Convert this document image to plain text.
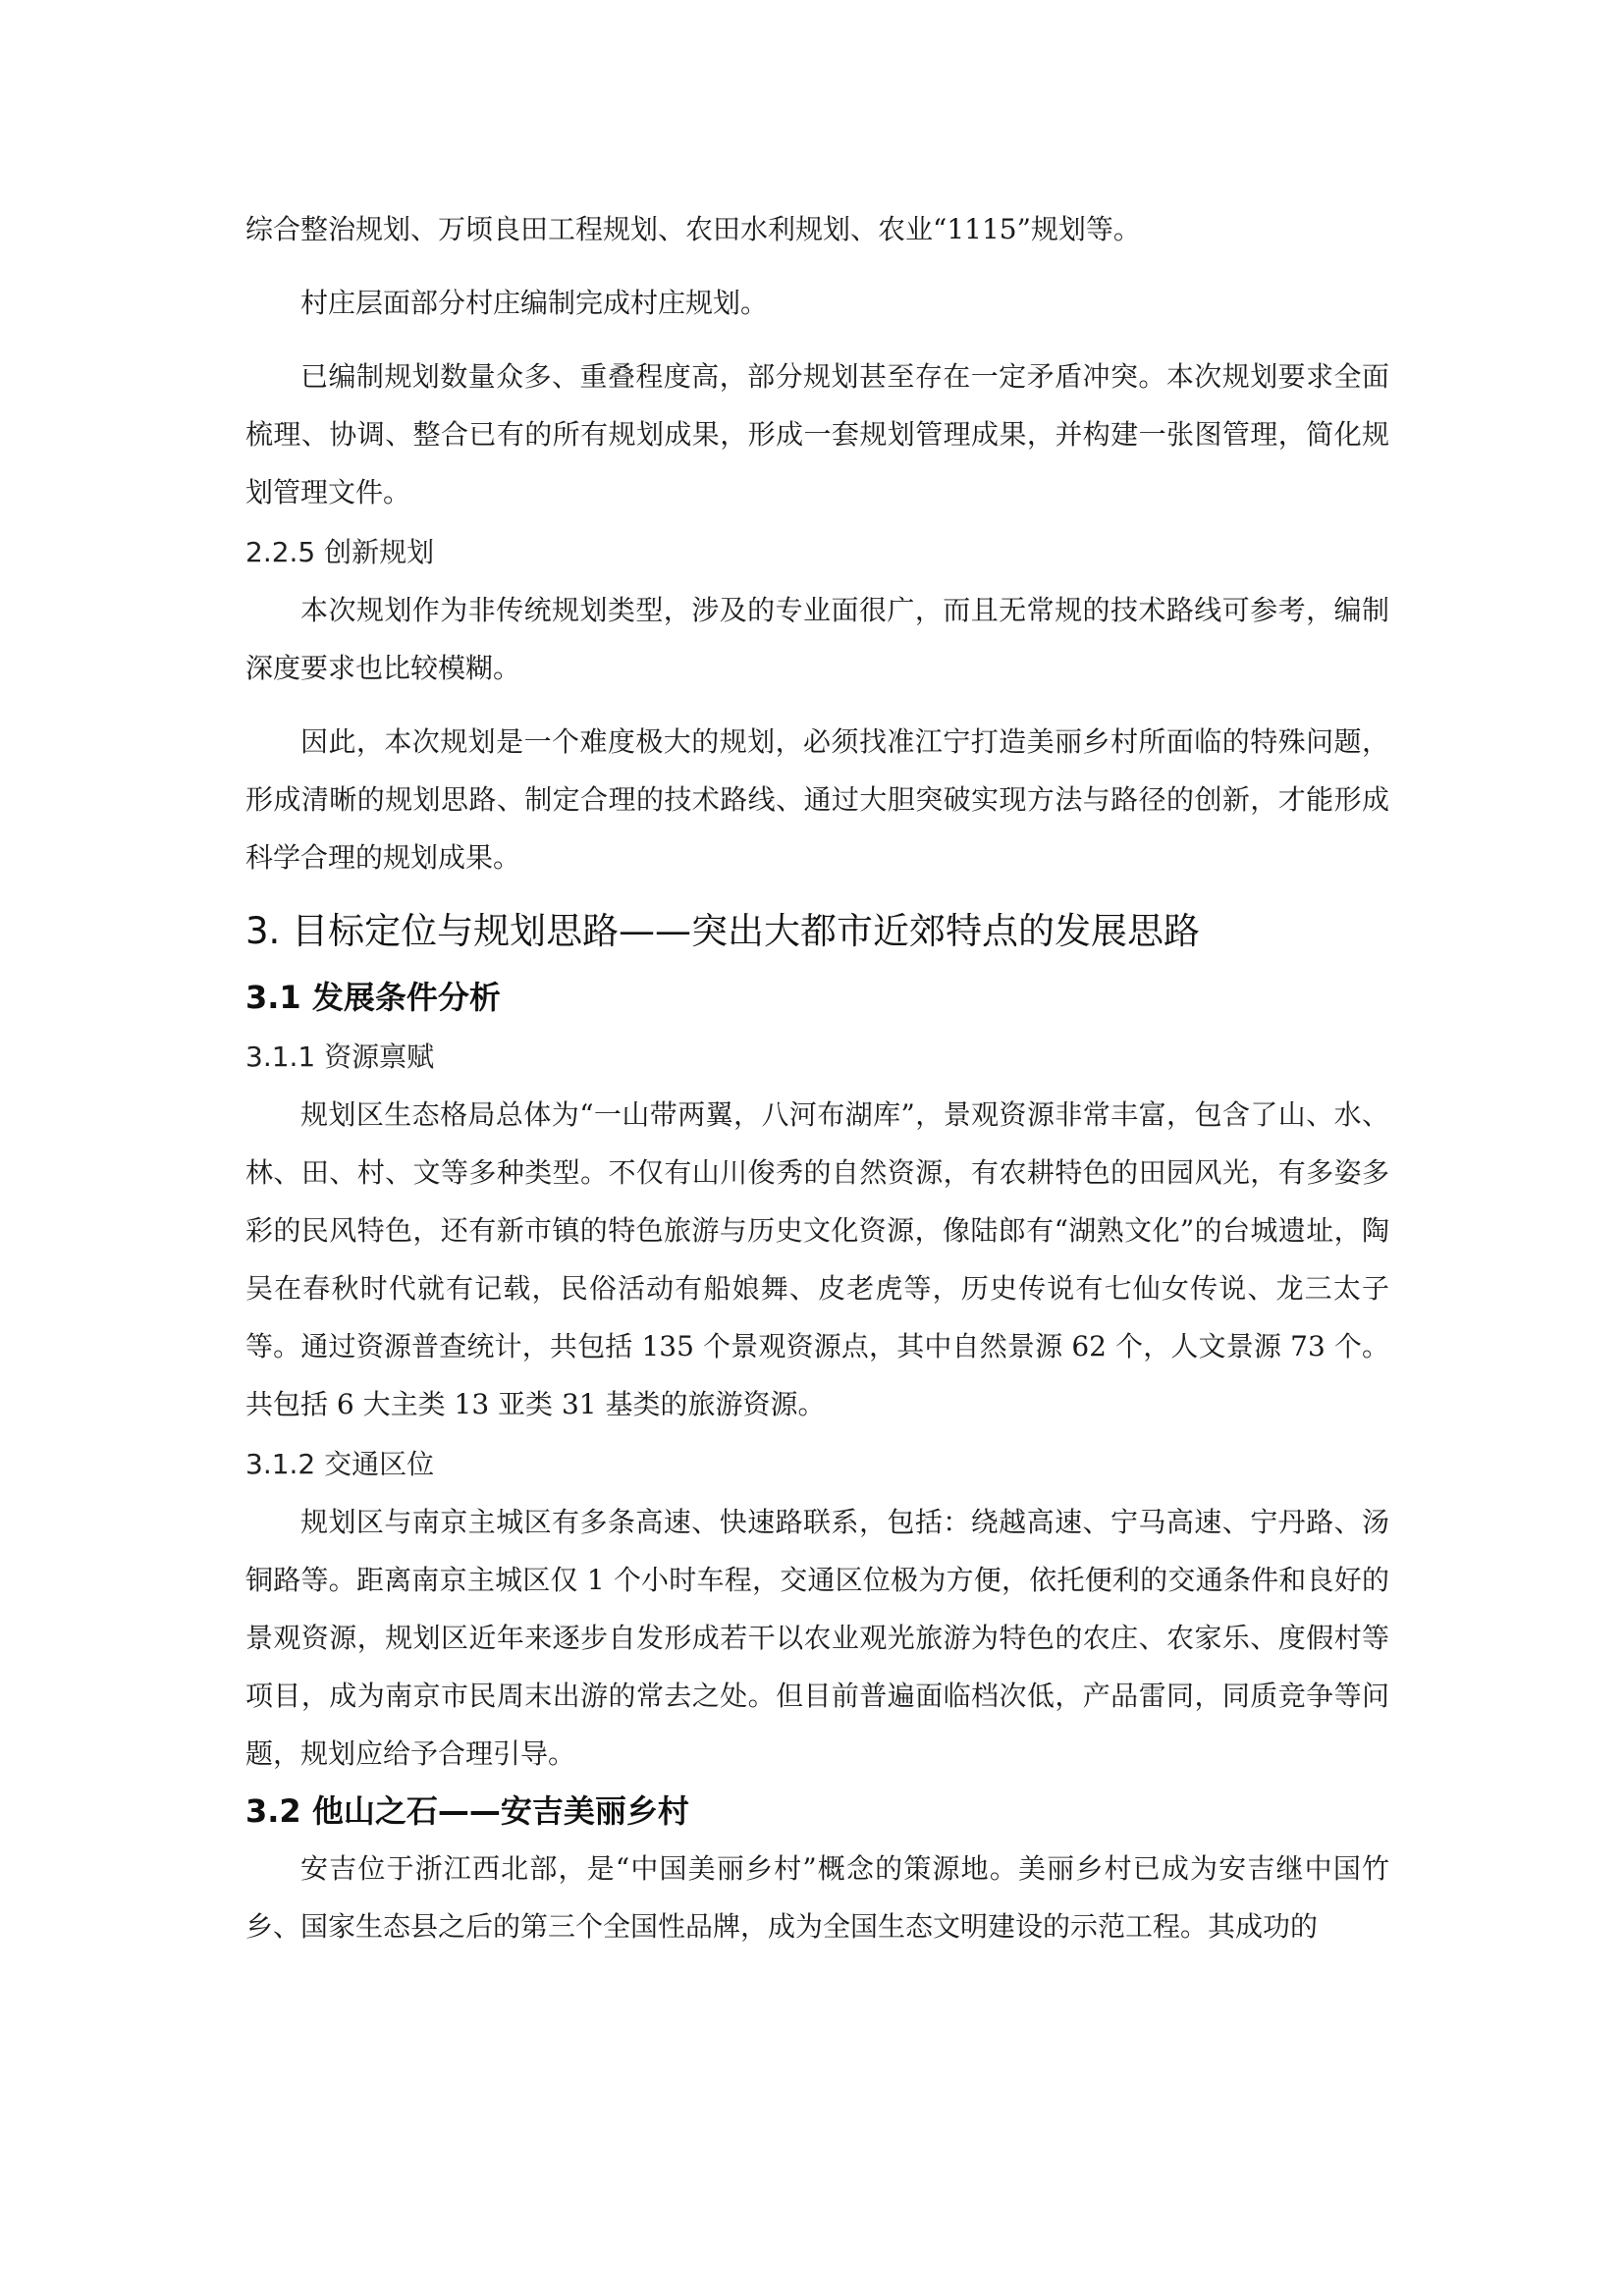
综合整治规划、万顷良田工程规划、农田水利规划、农业“1115”规划等。

村庄层面部分村庄编制完成村庄规划。

已编制规划数量众多、重叠程度高，部分规划甚至存在一定矛盾冲突。本次规划要求全面梳理、协调、整合已有的所有规划成果，形成一套规划管理成果，并构建一张图管理，简化规划管理文件。

2.2.5 创新规划

本次规划作为非传统规划类型，涉及的专业面很广，而且无常规的技术路线可参考，编制深度要求也比较模糊。

因此，本次规划是一个难度极大的规划，必须找准江宁打造美丽乡村所面临的特殊问题，形成清晰的规划思路、制定合理的技术路线、通过大胆突破实现方法与路径的创新，才能形成科学合理的规划成果。

3. 目标定位与规划思路——突出大都市近郊特点的发展思路
3.1 发展条件分析
3.1.1 资源禀赋

规划区生态格局总体为“一山带两翼，八河布湖库”，景观资源非常丰富，包含了山、水、林、田、村、文等多种类型。不仅有山川俊秀的自然资源，有农耕特色的田园风光，有多姿多彩的民风特色，还有新市镇的特色旅游与历史文化资源，像陆郎有“湖熟文化”的台城遗址，陶吴在春秋时代就有记载，民俗活动有船娘舞、皮老虎等，历史传说有七仙女传说、龙三太子等。通过资源普查统计，共包括 135 个景观资源点，其中自然景源 62 个，人文景源 73 个。共包括 6 大主类 13 亚类 31 基类的旅游资源。

3.1.2 交通区位

规划区与南京主城区有多条高速、快速路联系，包括：绕越高速、宁马高速、宁丹路、汤铜路等。距离南京主城区仅 1 个小时车程，交通区位极为方便，依托便利的交通条件和良好的景观资源，规划区近年来逐步自发形成若干以农业观光旅游为特色的农庄、农家乐、度假村等项目，成为南京市民周末出游的常去之处。但目前普遍面临档次低，产品雷同，同质竞争等问题，规划应给予合理引导。

3.2 他山之石——安吉美丽乡村

安吉位于浙江西北部，是“中国美丽乡村”概念的策源地。美丽乡村已成为安吉继中国竹乡、国家生态县之后的第三个全国性品牌，成为全国生态文明建设的示范工程。其成功的
